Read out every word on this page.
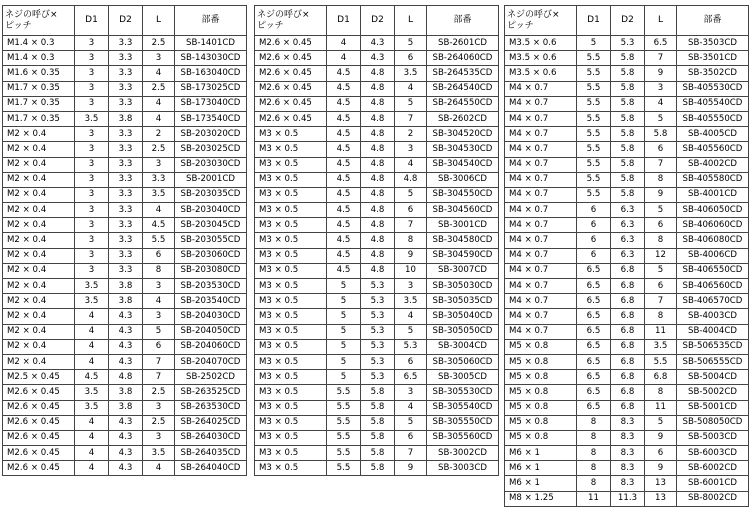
ネジの呼び×
ピッチ	D1	D2	L	部番
M1.4 × 0.3	3	3.3	2.5	SB-1401CD
M1.4 × 0.3	3	3.3	3	SB-143030CD
M1.6 × 0.35	3	3.3	4	SB-163040CD
M1.7 × 0.35	3	3.3	2.5	SB-173025CD
M1.7 × 0.35	3	3.3	4	SB-173040CD
M1.7 × 0.35	3.5	3.8	4	SB-173540CD
M2 × 0.4	3	3.3	2	SB-203020CD
M2 × 0.4	3	3.3	2.5	SB-203025CD
M2 × 0.4	3	3.3	3	SB-203030CD
M2 × 0.4	3	3.3	3.3	SB-2001CD
M2 × 0.4	3	3.3	3.5	SB-203035CD
M2 × 0.4	3	3.3	4	SB-203040CD
M2 × 0.4	3	3.3	4.5	SB-203045CD
M2 × 0.4	3	3.3	5.5	SB-203055CD
M2 × 0.4	3	3.3	6	SB-203060CD
M2 × 0.4	3	3.3	8	SB-203080CD
M2 × 0.4	3.5	3.8	3	SB-203530CD
M2 × 0.4	3.5	3.8	4	SB-203540CD
M2 × 0.4	4	4.3	3	SB-204030CD
M2 × 0.4	4	4.3	5	SB-204050CD
M2 × 0.4	4	4.3	6	SB-204060CD
M2 × 0.4	4	4.3	7	SB-204070CD
M2.5 × 0.45	4.5	4.8	7	SB-2502CD
M2.6 × 0.45	3.5	3.8	2.5	SB-263525CD
M2.6 × 0.45	3.5	3.8	3	SB-263530CD
M2.6 × 0.45	4	4.3	2.5	SB-264025CD
M2.6 × 0.45	4	4.3	3	SB-264030CD
M2.6 × 0.45	4	4.3	3.5	SB-264035CD
M2.6 × 0.45	4	4.3	4	SB-264040CD
ネジの呼び×
ピッチ	D1	D2	L	部番
M2.6 × 0.45	4	4.3	5	SB-2601CD
M2.6 × 0.45	4	4.3	6	SB-264060CD
M2.6 × 0.45	4.5	4.8	3.5	SB-264535CD
M2.6 × 0.45	4.5	4.8	4	SB-264540CD
M2.6 × 0.45	4.5	4.8	5	SB-264550CD
M2.6 × 0.45	4.5	4.8	7	SB-2602CD
M3 × 0.5	4.5	4.8	2	SB-304520CD
M3 × 0.5	4.5	4.8	3	SB-304530CD
M3 × 0.5	4.5	4.8	4	SB-304540CD
M3 × 0.5	4.5	4.8	4.8	SB-3006CD
M3 × 0.5	4.5	4.8	5	SB-304550CD
M3 × 0.5	4.5	4.8	6	SB-304560CD
M3 × 0.5	4.5	4.8	7	SB-3001CD
M3 × 0.5	4.5	4.8	8	SB-304580CD
M3 × 0.5	4.5	4.8	9	SB-304590CD
M3 × 0.5	4.5	4.8	10	SB-3007CD
M3 × 0.5	5	5.3	3	SB-305030CD
M3 × 0.5	5	5.3	3.5	SB-305035CD
M3 × 0.5	5	5.3	4	SB-305040CD
M3 × 0.5	5	5.3	5	SB-305050CD
M3 × 0.5	5	5.3	5.3	SB-3004CD
M3 × 0.5	5	5.3	6	SB-305060CD
M3 × 0.5	5	5.3	6.5	SB-3005CD
M3 × 0.5	5.5	5.8	3	SB-305530CD
M3 × 0.5	5.5	5.8	4	SB-305540CD
M3 × 0.5	5.5	5.8	5	SB-305550CD
M3 × 0.5	5.5	5.8	6	SB-305560CD
M3 × 0.5	5.5	5.8	7	SB-3002CD
M3 × 0.5	5.5	5.8	9	SB-3003CD
ネジの呼び×
ピッチ	D1	D2	L	部番
M3.5 × 0.6	5	5.3	6.5	SB-3503CD
M3.5 × 0.6	5.5	5.8	7	SB-3501CD
M3.5 × 0.6	5.5	5.8	9	SB-3502CD
M4 × 0.7	5.5	5.8	3	SB-405530CD
M4 × 0.7	5.5	5.8	4	SB-405540CD
M4 × 0.7	5.5	5.8	5	SB-405550CD
M4 × 0.7	5.5	5.8	5.8	SB-4005CD
M4 × 0.7	5.5	5.8	6	SB-405560CD
M4 × 0.7	5.5	5.8	7	SB-4002CD
M4 × 0.7	5.5	5.8	8	SB-405580CD
M4 × 0.7	5.5	5.8	9	SB-4001CD
M4 × 0.7	6	6.3	5	SB-406050CD
M4 × 0.7	6	6.3	6	SB-406060CD
M4 × 0.7	6	6.3	8	SB-406080CD
M4 × 0.7	6	6.3	12	SB-4006CD
M4 × 0.7	6.5	6.8	5	SB-406550CD
M4 × 0.7	6.5	6.8	6	SB-406560CD
M4 × 0.7	6.5	6.8	7	SB-406570CD
M4 × 0.7	6.5	6.8	8	SB-4003CD
M4 × 0.7	6.5	6.8	11	SB-4004CD
M5 × 0.8	6.5	6.8	3.5	SB-506535CD
M5 × 0.8	6.5	6.8	5.5	SB-506555CD
M5 × 0.8	6.5	6.8	6.8	SB-5004CD
M5 × 0.8	6.5	6.8	8	SB-5002CD
M5 × 0.8	6.5	6.8	11	SB-5001CD
M5 × 0.8	8	8.3	5	SB-508050CD
M5 × 0.8	8	8.3	9	SB-5003CD
M6 × 1	8	8.3	6	SB-6003CD
M6 × 1	8	8.3	9	SB-6002CD
M6 × 1	8	8.3	13	SB-6001CD
M8 × 1.25	11	11.3	13	SB-8002CD
